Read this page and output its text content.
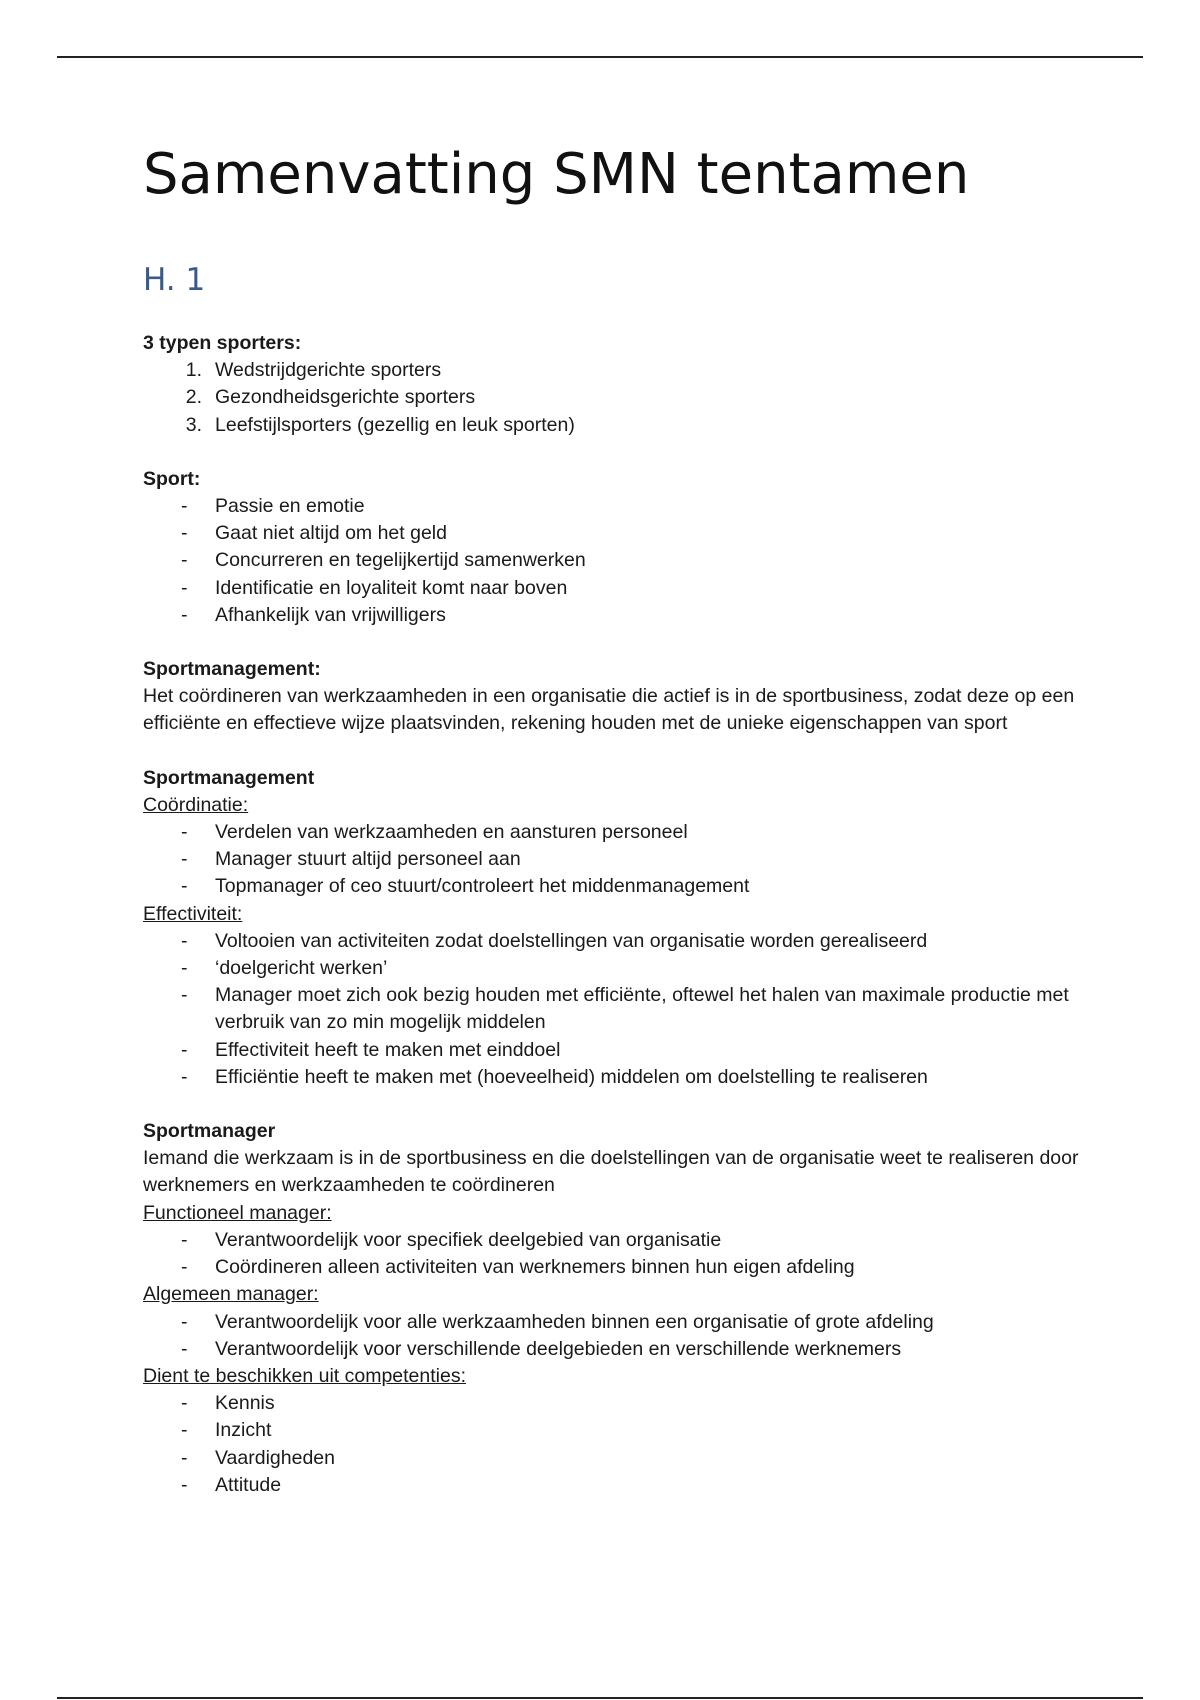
Samenvatting SMN tentamen
H. 1

3 typen sporters:

1. Wedstrijdgerichte sporters
2. Gezondheidsgerichte sporters
3. Leefstijlsporters (gezellig en leuk sporten)

Sport:

- Passie en emotie
- Gaat niet altijd om het geld
- Concurreren en tegelijkertijd samenwerken
- Identificatie en loyaliteit komt naar boven
- Afhankelijk van vrijwilligers

Sportmanagement:

Het coördineren van werkzaamheden in een organisatie die actief is in de sportbusiness, zodat deze op een efficiënte en effectieve wijze plaatsvinden, rekening houden met de unieke eigenschappen van sport

Sportmanagement

Coördinatie:

- Verdelen van werkzaamheden en aansturen personeel
- Manager stuurt altijd personeel aan
- Topmanager of ceo stuurt/controleert het middenmanagement

Effectiviteit:

- Voltooien van activiteiten zodat doelstellingen van organisatie worden gerealiseerd
- ‘doelgericht werken’
- Manager moet zich ook bezig houden met efficiënte, oftewel het halen van maximale productie met verbruik van zo min mogelijk middelen
- Effectiviteit heeft te maken met einddoel
- Efficiëntie heeft te maken met (hoeveelheid) middelen om doelstelling te realiseren

Sportmanager

Iemand die werkzaam is in de sportbusiness en die doelstellingen van de organisatie weet te realiseren door werknemers en werkzaamheden te coördineren

Functioneel manager:

- Verantwoordelijk voor specifiek deelgebied van organisatie
- Coördineren alleen activiteiten van werknemers binnen hun eigen afdeling

Algemeen manager:

- Verantwoordelijk voor alle werkzaamheden binnen een organisatie of grote afdeling
- Verantwoordelijk voor verschillende deelgebieden en verschillende werknemers

Dient te beschikken uit competenties:

- Kennis
- Inzicht
- Vaardigheden
- Attitude
